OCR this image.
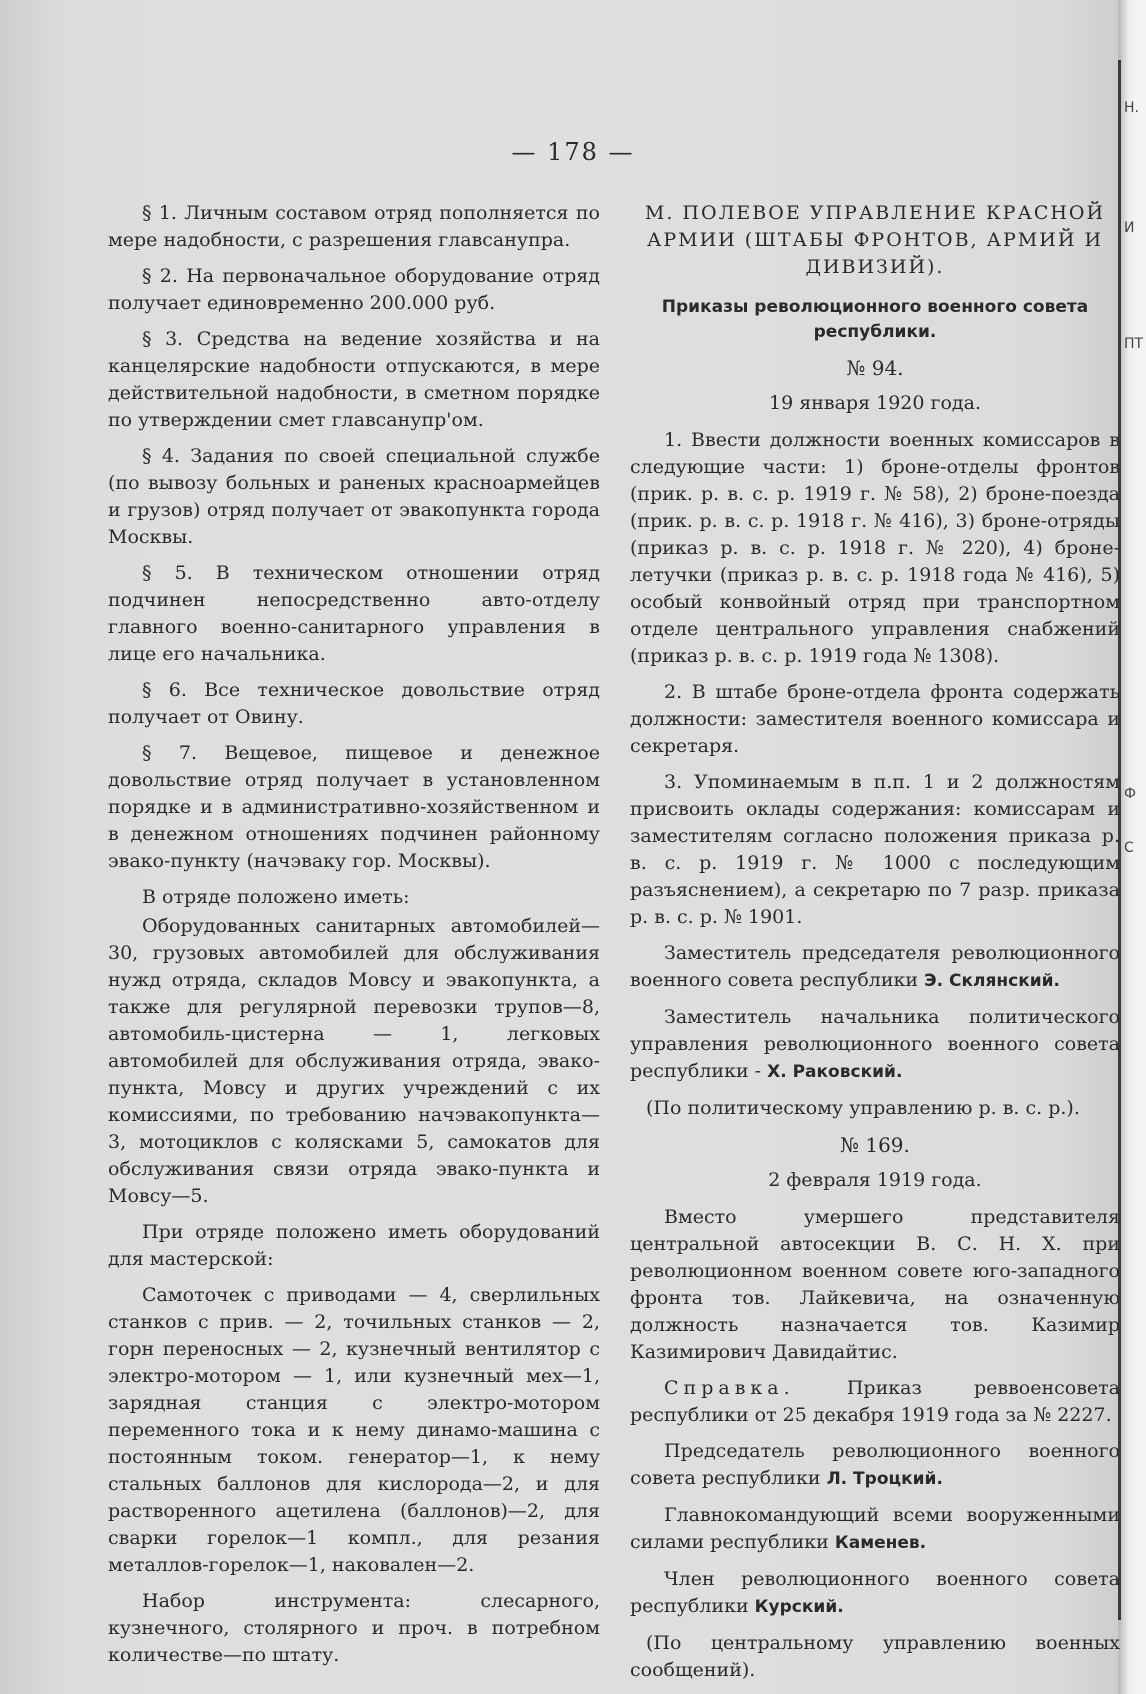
Н.
И
ПТ
Ф
С
— 178 —

§ 1. Личным составом отряд пополняется по мере надобности, с разрешения главсанупра.

§ 2. На первоначальное оборудование отряд получает единовременно 200.000 руб.

§ 3. Средства на ведение хозяйства и на канцелярские надобности отпускаются, в мере действительной надобности, в сметном порядке по утверждении смет главсанупр'ом.

§ 4. Задания по своей специальной службе (по вывозу больных и раненых красноармейцев и грузов) отряд получает от эвакопункта города Москвы.

§ 5. В техническом отношении отряд подчинен непосредственно авто-отделу главного военно-санитарного управления в лице его начальника.

§ 6. Все техническое довольствие отряд получает от Овину.

§ 7. Вещевое, пищевое и денежное довольствие отряд получает в установленном порядке и в административно-хозяйственном и в денежном отношениях подчинен районному эвако-пункту (начэваку гор. Москвы).

В отряде положено иметь:

Оборудованных санитарных автомобилей—30, грузовых автомобилей для обслуживания нужд отряда, складов Мовсу и эвакопункта, а также для регулярной перевозки трупов—8, автомобиль-цистерна — 1, легковых автомобилей для обслуживания отряда, эвако-пункта, Мовсу и других учреждений с их комиссиями, по требованию начэвакопункта—3, мотоциклов с колясками 5, самокатов для обслуживания связи отряда эвако-пункта и Мовсу—5.

При отряде положено иметь оборудований для мастерской:

Самоточек с приводами — 4, сверлильных станков с прив. — 2, точильных станков — 2, горн переносных — 2, кузнечный вентилятор с электро-мотором — 1, или кузнечный мех—1, зарядная станция с электро-мотором переменного тока и к нему динамо-машина с постоянным током. генератор—1, к нему стальных баллонов для кислорода—2, и для растворенного ацетилена (баллонов)—2, для сварки горелок—1 компл., для резания металлов-горелок—1, наковален—2.

Набор инструмента: слесарного, кузнечного, столярного и проч. в потребном количестве—по штату.

M. ПОЛЕВОЕ УПРАВЛЕНИЕ КРАСНОЙ АРМИИ (ШТАБЫ ФРОНТОВ, АРМИЙ И ДИВИЗИЙ).

Приказы революционного военного совета республики.

№ 94.

19 января 1920 года.

1. Ввести должности военных комиссаров в следующие части: 1) броне-отделы фронтов (прик. р. в. с. р. 1919 г. № 58), 2) броне-поезда (прик. р. в. с. р. 1918 г. № 416), 3) броне-отряды (приказ р. в. с. р. 1918 г. № 220), 4) броне-летучки (приказ р. в. с. р. 1918 года № 416), 5) особый конвойный отряд при транспортном отделе центрального управления снабжений (приказ р. в. с. р. 1919 года № 1308).

2. В штабе броне-отдела фронта содержать должности: заместителя военного комиссара и секретаря.

3. Упоминаемым в п.п. 1 и 2 должностям присвоить оклады содержания: комиссарам и заместителям согласно положения приказа р. в. с. р. 1919 г. № 1000 с последующим разъяснением), а секретарю по 7 разр. приказа р. в. с. р. № 1901.

Заместитель председателя революционного военного совета республики Э. Склянский.

Заместитель начальника политического управления революционного военного совета республики - Х. Раковский.

(По политическому управлению р. в. с. р.).

№ 169.

2 февраля 1919 года.

Вместо умершего представителя центральной автосекции В. С. Н. Х. при революционном военном совете юго-западного фронта тов. Лайкевича, на означенную должность назначается тов. Казимир Казимирович Давидайтис.

Справка.	Приказ реввоенсовета республики от 25 декабря 1919 года за № 2227.

Председатель революционного военного совета республики Л. Троцкий.

Главнокомандующий всеми вооруженными силами республики Каменев.

Член революционного военного совета республики Курский.

(По центральному управлению военных сообщений).
